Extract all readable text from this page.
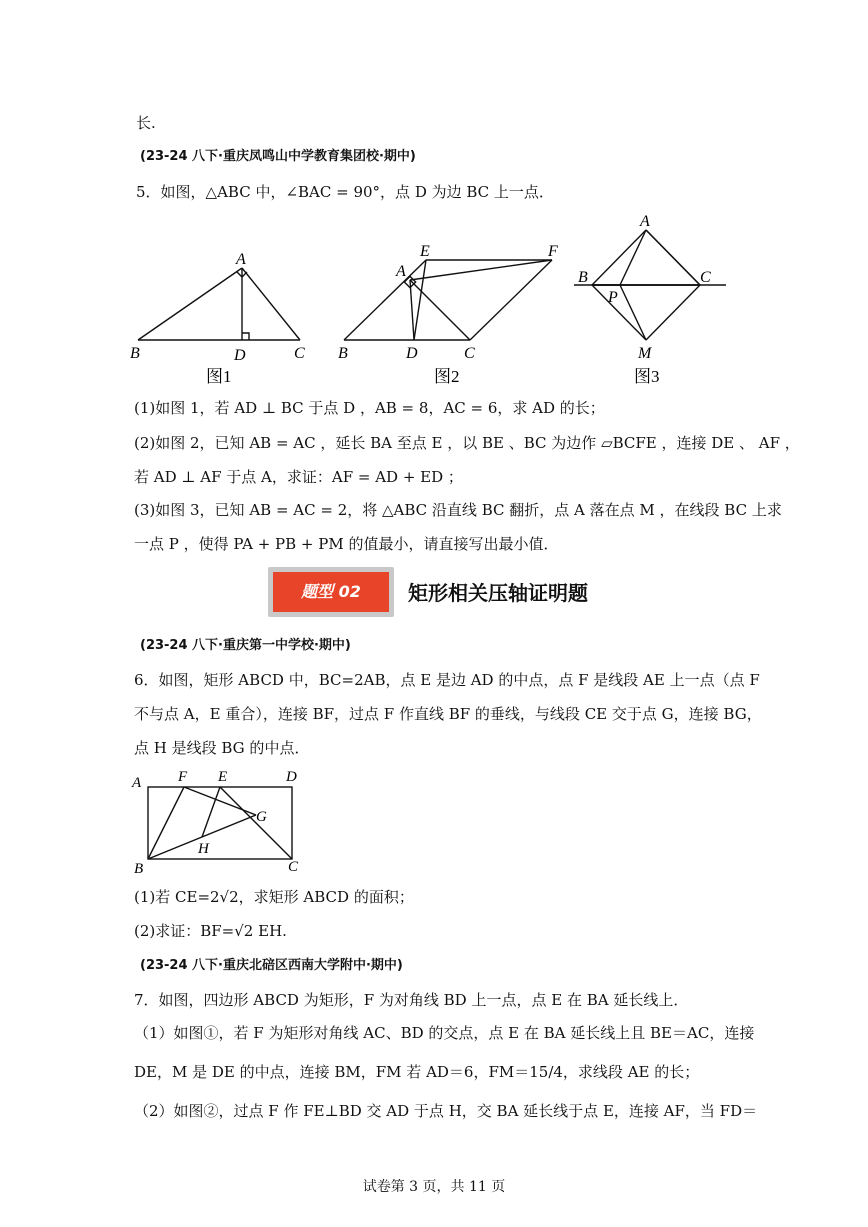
长.
(23-24 八下·重庆凤鸣山中学教育集团校·期中)
5．如图，△ABC 中，∠BAC = 90°，点 D 为边 BC 上一点．
A
B	D	C
图1
A
E	F
B	D	C
图2
A
B	C
P
M
图3
(1)如图 1，若 AD ⊥ BC 于点 D ，AB = 8，AC = 6，求 AD 的长；
(2)如图 2，已知 AB = AC ，延长 BA 至点 E ，以 BE 、BC 为边作 ▱BCFE ，连接 DE 、 AF ，
若 AD ⊥ AF 于点 A，求证：AF = AD + ED ；
(3)如图 3，已知 AB = AC = 2，将 △ABC 沿直线 BC 翻折，点 A 落在点 M ，在线段 BC 上求
一点 P ，使得 PA + PB + PM 的值最小，请直接写出最小值．
题型 02	矩形相关压轴证明题
(23-24 八下·重庆第一中学校·期中)
6．如图，矩形 ABCD 中，BC=2AB，点 E 是边 AD 的中点，点 F 是线段 AE 上一点（点 F
不与点 A，E 重合），连接 BF，过点 F 作直线 BF 的垂线，与线段 CE 交于点 G，连接 BG，
点 H 是线段 BG 的中点．
A F E	D
G
H
B	C
(1)若 CE=2√2，求矩形 ABCD 的面积；
(2)求证：BF=√2 EH.
(23-24 八下·重庆北碚区西南大学附中·期中)
7．如图，四边形 ABCD 为矩形，F 为对角线 BD 上一点，点 E 在 BA 延长线上．
（1）如图①，若 F 为矩形对角线 AC、BD 的交点，点 E 在 BA 延长线上且 BE＝AC，连接
DE，M 是 DE 的中点，连接 BM，FM 若 AD＝6，FM＝15/4，求线段 AE 的长；
（2）如图②，过点 F 作 FE⊥BD 交 AD 于点 H，交 BA 延长线于点 E，连接 AF，当 FD＝
试卷第 3 页，共 11 页
